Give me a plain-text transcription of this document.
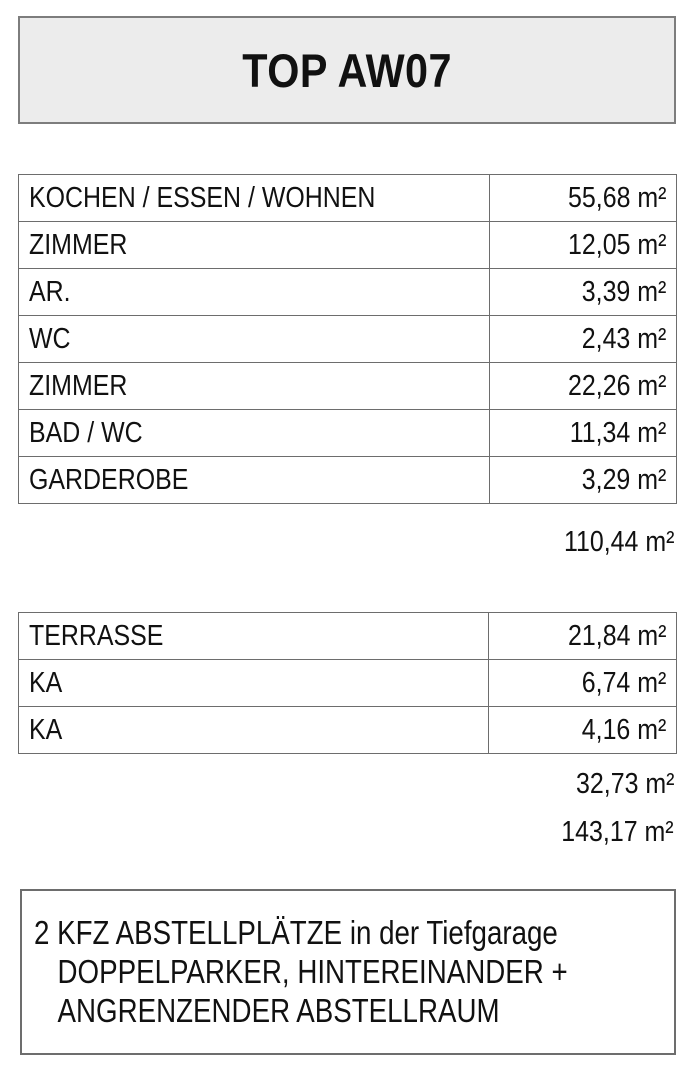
TOP AW07
KOCHEN / ESSEN / WOHNEN	55,68 m²
ZIMMER	12,05 m²
AR.	3,39 m²
WC	2,43 m²
ZIMMER	22,26 m²
BAD / WC	11,34 m²
GARDEROBE	3,29 m²
110,44 m²
TERRASSE	21,84 m²
KA	6,74 m²
KA	4,16 m²
32,73 m²
143,17 m²
2 KFZ ABSTELLPLÄTZE in der Tiefgarage
DOPPELPARKER, HINTEREINANDER +
ANGRENZENDER ABSTELLRAUM
